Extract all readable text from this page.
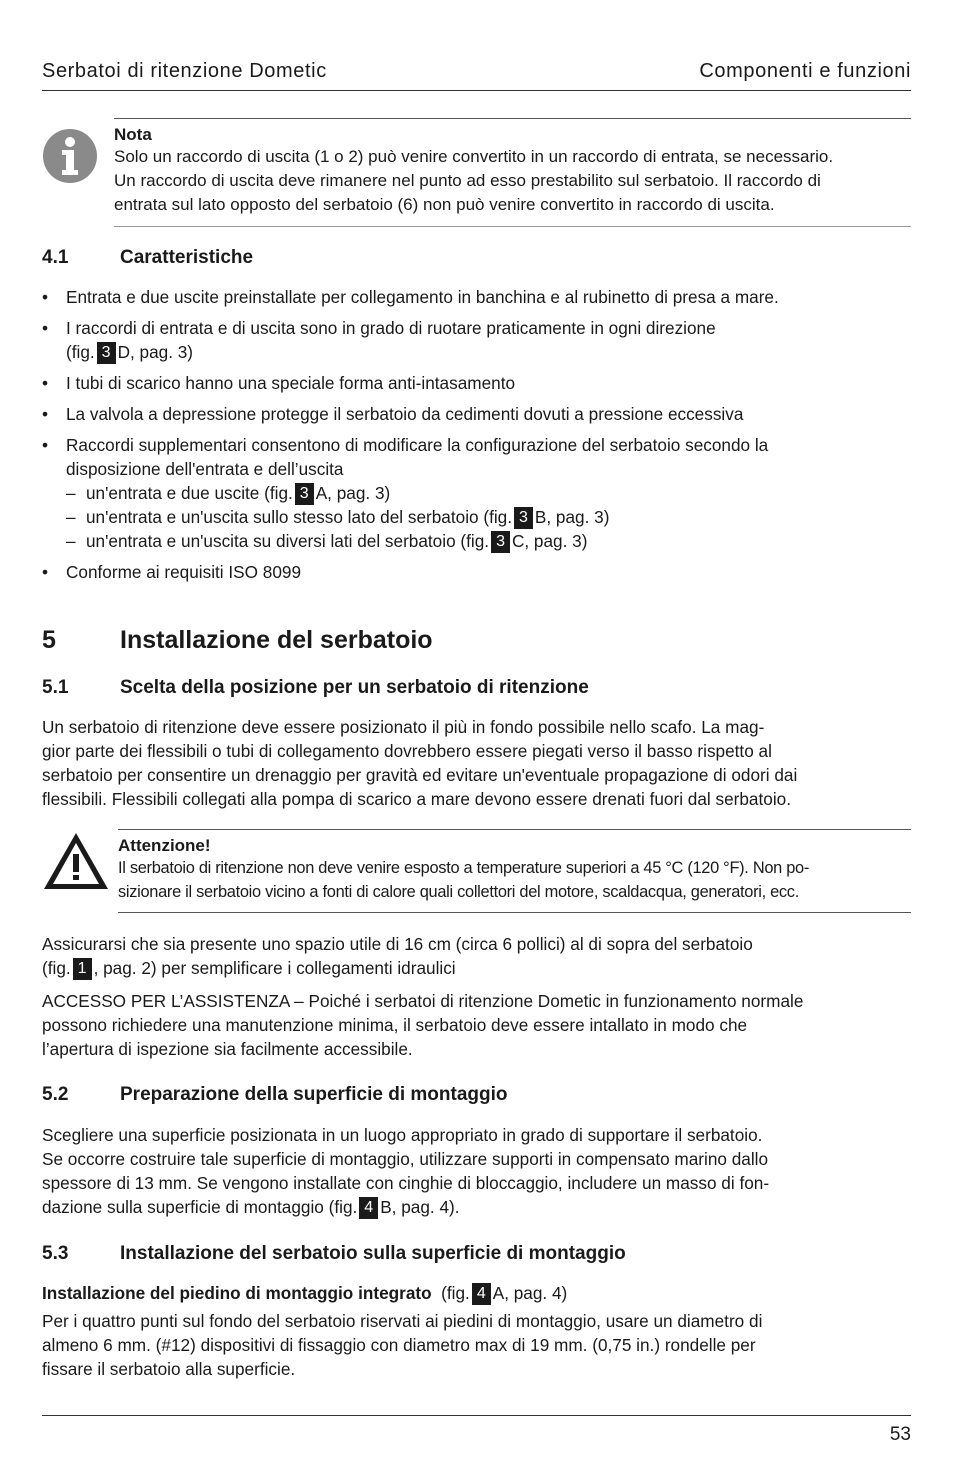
Serbatoi di ritenzione Dometic	Componenti e funzioni
Nota
Solo un raccordo di uscita (1 o 2) può venire convertito in un raccordo di entrata, se necessario.
Un raccordo di uscita deve rimanere nel punto ad esso prestabilito sul serbatoio. Il raccordo di
entrata sul lato opposto del serbatoio (6) non può venire convertito in raccordo di uscita.
4.1	Caratteristiche
• Entrata e due uscite preinstallate per collegamento in banchina e al rubinetto di presa a mare.
• I raccordi di entrata e di uscita sono in grado di ruotare praticamente in ogni direzione
(fig. 3 D, pag. 3)
• I tubi di scarico hanno una speciale forma anti-intasamento
• La valvola a depressione protegge il serbatoio da cedimenti dovuti a pressione eccessiva
• Raccordi supplementari consentono di modificare la configurazione del serbatoio secondo la
disposizione dell'entrata e dell’uscita
– un'entrata e due uscite (fig. 3 A, pag. 3)
– un'entrata e un'uscita sullo stesso lato del serbatoio (fig. 3 B, pag. 3)
– un'entrata e un'uscita su diversi lati del serbatoio (fig. 3 C, pag. 3)
• Conforme ai requisiti ISO 8099
5	Installazione del serbatoio
5.1	Scelta della posizione per un serbatoio di ritenzione
Un serbatoio di ritenzione deve essere posizionato il più in fondo possibile nello scafo. La mag-
gior parte dei flessibili o tubi di collegamento dovrebbero essere piegati verso il basso rispetto al
serbatoio per consentire un drenaggio per gravità ed evitare un'eventuale propagazione di odori dai
flessibili. Flessibili collegati alla pompa di scarico a mare devono essere drenati fuori dal serbatoio.
Attenzione!
Il serbatoio di ritenzione non deve venire esposto a temperature superiori a 45 °C (120 °F). Non po-
sizionare il serbatoio vicino a fonti di calore quali collettori del motore, scaldacqua, generatori, ecc.
Assicurarsi che sia presente uno spazio utile di 16 cm (circa 6 pollici) al di sopra del serbatoio
(fig. 1 , pag. 2) per semplificare i collegamenti idraulici
ACCESSO PER L’ASSISTENZA – Poiché i serbatoi di ritenzione Dometic in funzionamento normale
possono richiedere una manutenzione minima, il serbatoio deve essere intallato in modo che
l’apertura di ispezione sia facilmente accessibile.
5.2	Preparazione della superficie di montaggio
Scegliere una superficie posizionata in un luogo appropriato in grado di supportare il serbatoio.
Se occorre costruire tale superficie di montaggio, utilizzare supporti in compensato marino dallo
spessore di 13 mm. Se vengono installate con cinghie di bloccaggio, includere un masso di fon-
dazione sulla superficie di montaggio (fig. 4 B, pag. 4).
5.3	Installazione del serbatoio sulla superficie di montaggio
Installazione del piedino di montaggio integrato (fig. 4 A, pag. 4)
Per i quattro punti sul fondo del serbatoio riservati ai piedini di montaggio, usare un diametro di
almeno 6 mm. (#12) dispositivi di fissaggio con diametro max di 19 mm. (0,75 in.) rondelle per
fissare il serbatoio alla superficie.
53
